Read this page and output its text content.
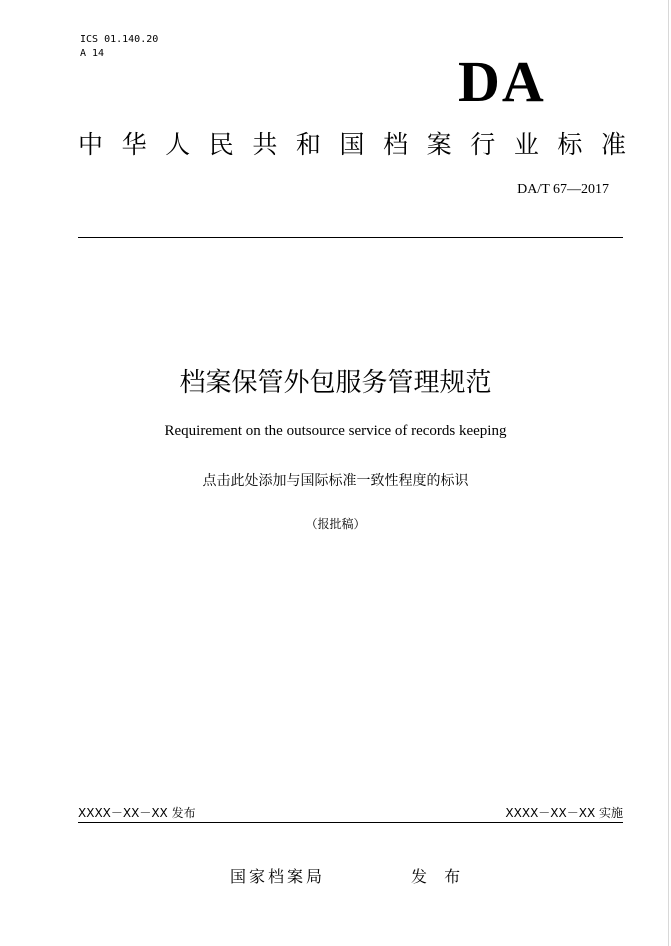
ICS 01.140.20
A 14	DA
中华人民共和国档案行业标准
DA/T 67—2017
档案保管外包服务管理规范
Requirement on the outsource service of records keeping
点击此处添加与国际标准一致性程度的标识
（报批稿）
XXXX－XX－XX 发布	XXXX－XX－XX 实施
国家档案局	发 布
